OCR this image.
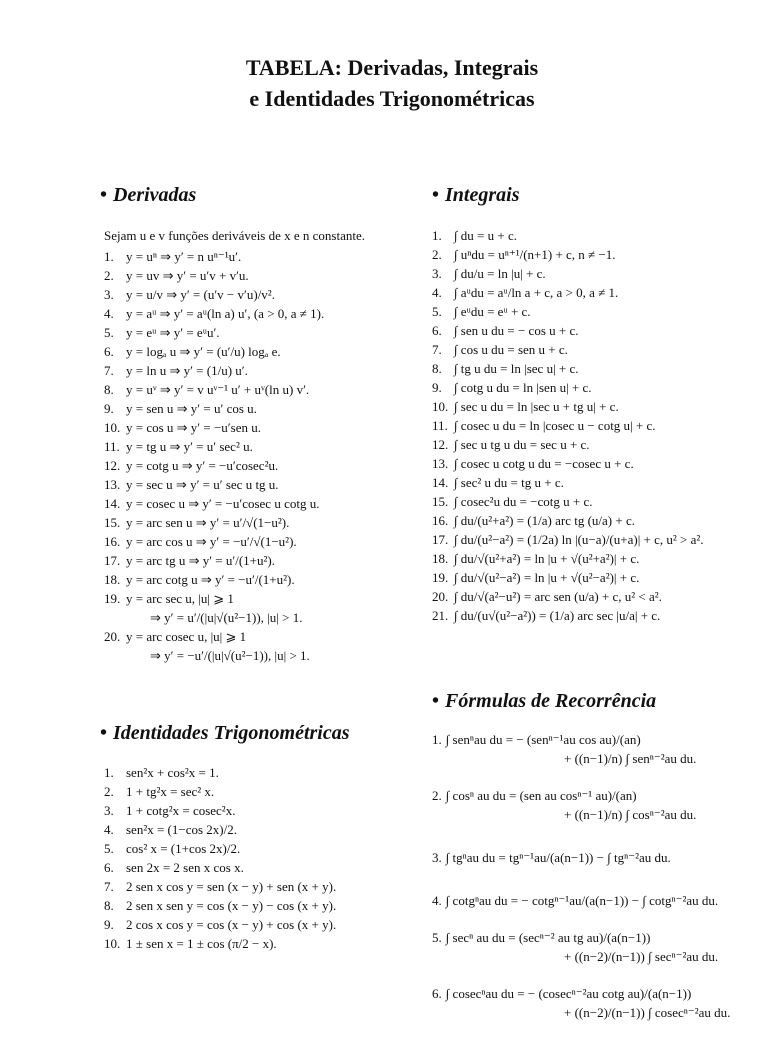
TABELA: Derivadas, Integrais
e Identidades Trigonométricas
• Derivadas
Sejam u e v funções deriváveis de x e n constante.
1. y = uⁿ ⇒ y′ = n uⁿ⁻¹u′.
2. y = uv ⇒ y′ = u′v + v′u.
3. y = u/v ⇒ y′ = (u′v − v′u)/v².
4. y = aᵘ ⇒ y′ = aᵘ(ln a) u′, (a > 0, a ≠ 1).
5. y = eᵘ ⇒ y′ = eᵘu′.
6. y = logₐ u ⇒ y′ = (u′/u) logₐ e.
7. y = ln u ⇒ y′ = (1/u) u′.
8. y = uᵛ ⇒ y′ = v uᵛ⁻¹ u′ + uᵛ(ln u) v′.
9. y = sen u ⇒ y′ = u′ cos u.
10. y = cos u ⇒ y′ = −u′sen u.
11. y = tg u ⇒ y′ = u′ sec² u.
12. y = cotg u ⇒ y′ = −u′cosec²u.
13. y = sec u ⇒ y′ = u′ sec u tg u.
14. y = cosec u ⇒ y′ = −u′cosec u cotg u.
15. y = arc sen u ⇒ y′ = u′/√(1−u²).
16. y = arc cos u ⇒ y′ = −u′/√(1−u²).
17. y = arc tg u ⇒ y′ = u′/(1+u²).
18. y = arc cotg u ⇒ y′ = −u′/(1+u²).
19. y = arc sec u, |u| ⩾ 1
⇒ y′ = u′/(|u|√(u²−1)), |u| > 1.
20. y = arc cosec u, |u| ⩾ 1
⇒ y′ = −u′/(|u|√(u²−1)), |u| > 1.
• Identidades Trigonométricas
1. sen²x + cos²x = 1.
2. 1 + tg²x = sec² x.
3. 1 + cotg²x = cosec²x.
4. sen²x = (1−cos 2x)/2.
5. cos² x = (1+cos 2x)/2.
6. sen 2x = 2 sen x cos x.
7. 2 sen x cos y = sen (x − y) + sen (x + y).
8. 2 sen x sen y = cos (x − y) − cos (x + y).
9. 2 cos x cos y = cos (x − y) + cos (x + y).
10. 1 ± sen x = 1 ± cos (π/2 − x).
• Integrais
1. ∫ du = u + c.
2. ∫ uⁿdu = uⁿ⁺¹/(n+1) + c, n ≠ −1.
3. ∫ du/u = ln |u| + c.
4. ∫ aᵘdu = aᵘ/ln a + c, a > 0, a ≠ 1.
5. ∫ eᵘdu = eᵘ + c.
6. ∫ sen u du = − cos u + c.
7. ∫ cos u du = sen u + c.
8. ∫ tg u du = ln |sec u| + c.
9. ∫ cotg u du = ln |sen u| + c.
10. ∫ sec u du = ln |sec u + tg u| + c.
11. ∫ cosec u du = ln |cosec u − cotg u| + c.
12. ∫ sec u tg u du = sec u + c.
13. ∫ cosec u cotg u du = −cosec u + c.
14. ∫ sec² u du = tg u + c.
15. ∫ cosec²u du = −cotg u + c.
16. ∫ du/(u²+a²) = (1/a) arc tg (u/a) + c.
17. ∫ du/(u²−a²) = (1/2a) ln |(u−a)/(u+a)| + c, u² > a².
18. ∫ du/√(u²+a²) = ln |u + √(u²+a²)| + c.
19. ∫ du/√(u²−a²) = ln |u + √(u²−a²)| + c.
20. ∫ du/√(a²−u²) = arc sen (u/a) + c, u² < a².
21. ∫ du/(u√(u²−a²)) = (1/a) arc sec |u/a| + c.
• Fórmulas de Recorrência
1. ∫ senⁿau du = − (senⁿ⁻¹au cos au)/(an)
+ ((n−1)/n) ∫ senⁿ⁻²au du.
2. ∫ cosⁿ au du = (sen au cosⁿ⁻¹ au)/(an)
+ ((n−1)/n) ∫ cosⁿ⁻²au du.
3. ∫ tgⁿau du = tgⁿ⁻¹au/(a(n−1)) − ∫ tgⁿ⁻²au du.
4. ∫ cotgⁿau du = − cotgⁿ⁻¹au/(a(n−1)) − ∫ cotgⁿ⁻²au du.
5. ∫ secⁿ au du = (secⁿ⁻² au tg au)/(a(n−1))
+ ((n−2)/(n−1)) ∫ secⁿ⁻²au du.
6. ∫ cosecⁿau du = − (cosecⁿ⁻²au cotg au)/(a(n−1))
+ ((n−2)/(n−1)) ∫ cosecⁿ⁻²au du.
